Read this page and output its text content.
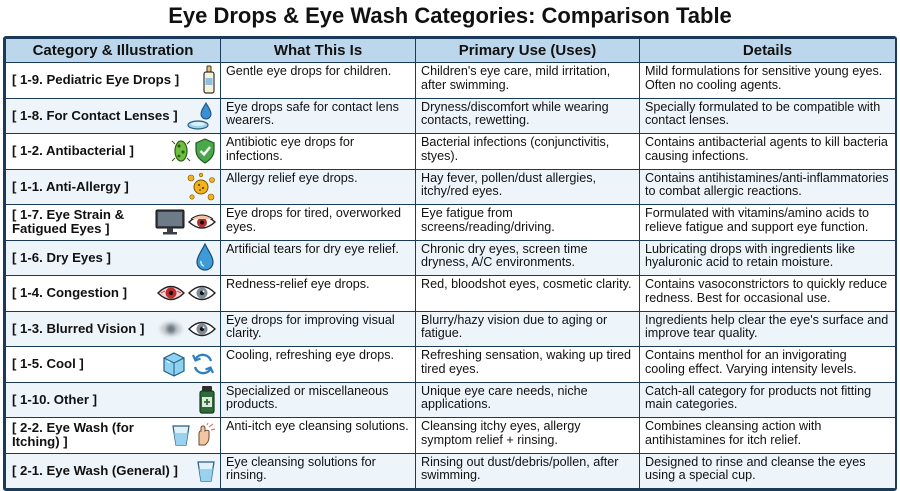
Eye Drops & Eye Wash Categories: Comparison Table
Category & Illustration	What This Is	Primary Use (Uses)	Details

[ 1-9. Pediatric Eye Drops ]	Gentle eye drops for children.	Children's eye care, mild irritation, after swimming.	Mild formulations for sensitive young eyes. Often no cooling agents.

[ 1-8. For Contact Lenses ]	Eye drops safe for contact lens wearers.	Dryness/discomfort while wearing contacts, rewetting.	Specially formulated to be compatible with contact lenses.

[ 1-2. Antibacterial ]	Antibiotic eye drops for infections.	Bacterial infections (conjunctivitis, styes).	Contains antibacterial agents to kill bacteria causing infections.

[ 1-1. Anti-Allergy ]	Allergy relief eye drops.	Hay fever, pollen/dust allergies, itchy/red eyes.	Contains antihistamines/anti-inflammatories to combat allergic reactions.

[ 1-7. Eye Strain & Fatigued Eyes ]	Eye drops for tired, overworked eyes.	Eye fatigue from screens/reading/driving.	Formulated with vitamins/amino acids to relieve fatigue and support eye function.

[ 1-6. Dry Eyes ]	Artificial tears for dry eye relief.	Chronic dry eyes, screen time dryness, A/C environments.	Lubricating drops with ingredients like hyaluronic acid to retain moisture.

[ 1-4. Congestion ]	Redness-relief eye drops.	Red, bloodshot eyes, cosmetic clarity.	Contains vasoconstrictors to quickly reduce redness. Best for occasional use.

[ 1-3. Blurred Vision ]	Eye drops for improving visual clarity.	Blurry/hazy vision due to aging or fatigue.	Ingredients help clear the eye's surface and improve tear quality.

[ 1-5. Cool ]	Cooling, refreshing eye drops.	Refreshing sensation, waking up tired tired eyes.	Contains menthol for an invigorating cooling effect. Varying intensity levels.

[ 1-10. Other ]	Specialized or miscellaneous products.	Unique eye care needs, niche applications.	Catch-all category for products not fitting main categories.

[ 2-2. Eye Wash (for Itching) ]	Anti-itch eye cleansing solutions.	Cleansing itchy eyes, allergy symptom relief + rinsing.	Combines cleansing action with antihistamines for itch relief.

[ 2-1. Eye Wash (General) ]	Eye cleansing solutions for rinsing.	Rinsing out dust/debris/pollen, after swimming.	Designed to rinse and cleanse the eyes using a special cup.
